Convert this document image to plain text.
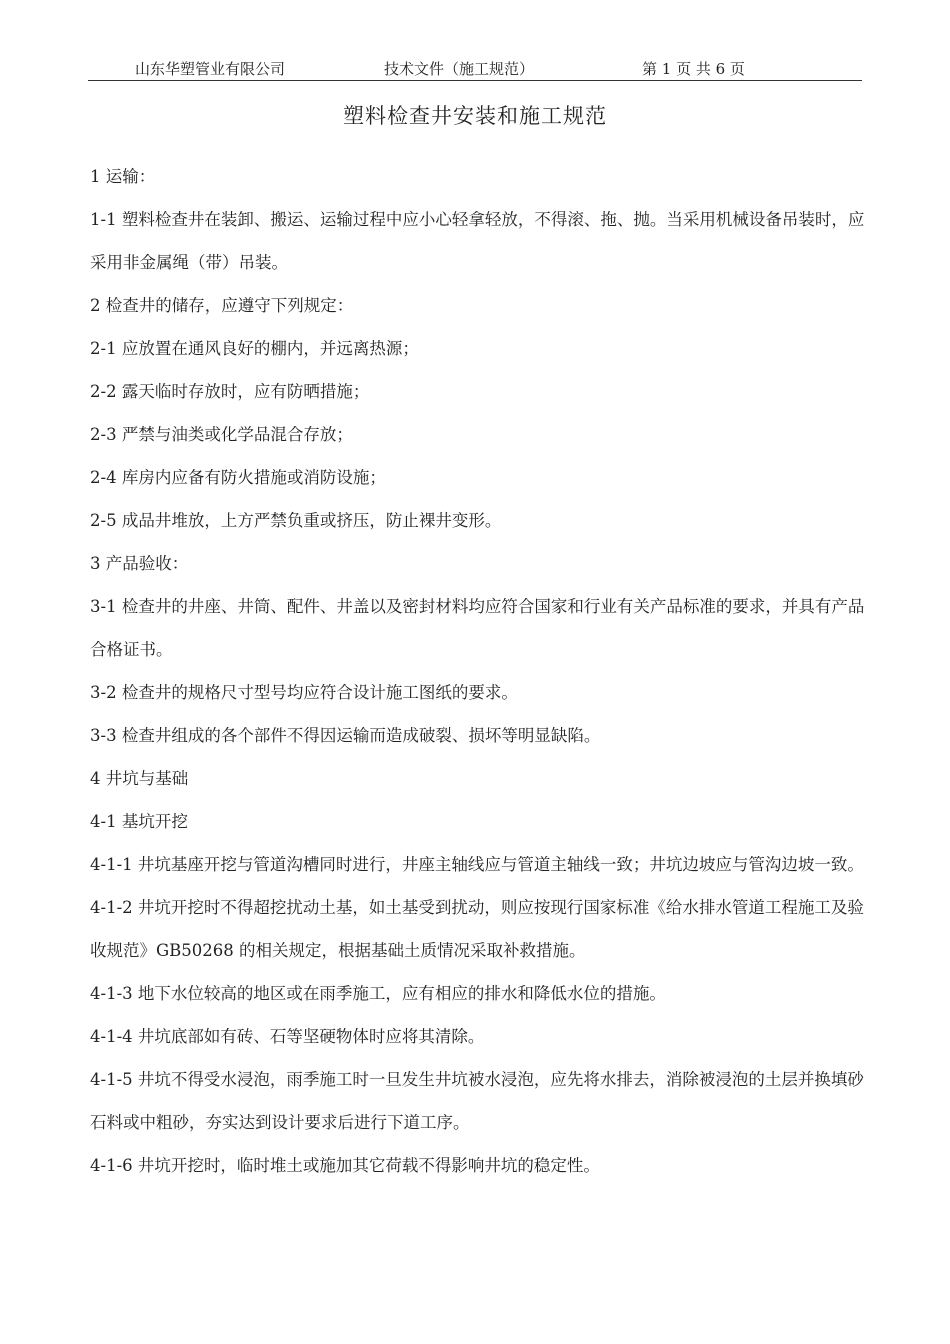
山东华塑管业有限公司	技术文件（施工规范）	第 1 页 共 6 页
塑料检查井安装和施工规范

1 运输：

1-1 塑料检查井在装卸、搬运、运输过程中应小心轻拿轻放，不得滚、拖、抛。当采用机械设备吊装时，应采用非金属绳（带）吊装。

2 检查井的储存，应遵守下列规定：

2-1 应放置在通风良好的棚内，并远离热源；

2-2 露天临时存放时，应有防晒措施；

2-3 严禁与油类或化学品混合存放；

2-4 库房内应备有防火措施或消防设施；

2-5 成品井堆放，上方严禁负重或挤压，防止裸井变形。

3 产品验收：

3-1 检查井的井座、井筒、配件、井盖以及密封材料均应符合国家和行业有关产品标准的要求，并具有产品合格证书。

3-2 检查井的规格尺寸型号均应符合设计施工图纸的要求。

3-3 检查井组成的各个部件不得因运输而造成破裂、损坏等明显缺陷。

4 井坑与基础

4-1 基坑开挖

4-1-1 井坑基座开挖与管道沟槽同时进行，井座主轴线应与管道主轴线一致；井坑边坡应与管沟边坡一致。

4-1-2 井坑开挖时不得超挖扰动土基，如土基受到扰动，则应按现行国家标准《给水排水管道工程施工及验收规范》GB50268 的相关规定，根据基础土质情况采取补救措施。

4-1-3 地下水位较高的地区或在雨季施工，应有相应的排水和降低水位的措施。

4-1-4 井坑底部如有砖、石等坚硬物体时应将其清除。

4-1-5 井坑不得受水浸泡，雨季施工时一旦发生井坑被水浸泡，应先将水排去，消除被浸泡的土层并换填砂石料或中粗砂，夯实达到设计要求后进行下道工序。

4-1-6 井坑开挖时，临时堆土或施加其它荷载不得影响井坑的稳定性。
